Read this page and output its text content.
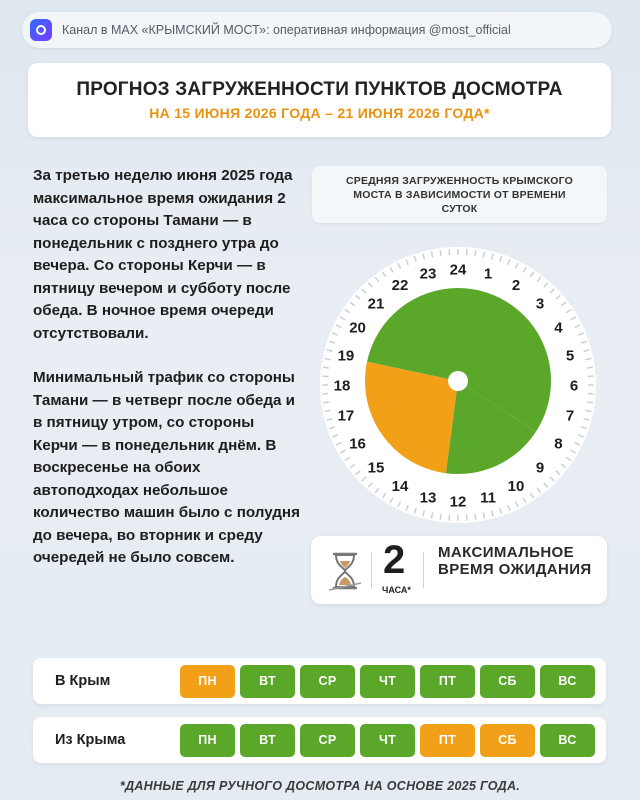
Канал в MAX «КРЫМСКИЙ МОСТ»: оперативная информация @most_official
ПРОГНОЗ ЗАГРУЖЕННОСТИ ПУНКТОВ ДОСМОТРА
НА 15 ИЮНЯ 2026 ГОДА – 21 ИЮНЯ 2026 ГОДА*

За третью неделю июня 2025 года максимальное время ожидания 2 часа со стороны Тамани — в понедельник с позднего утра до вечера. Со стороны Керчи — в пятницу вечером и субботу после обеда. В ночное время очереди отсутствовали.

Минимальный трафик со стороны Тамани — в четверг после обеда и в пятницу утром, со стороны Керчи — в понедельник днём. В воскресенье на обоих автоподходах небольшое количество машин было с полудня до вечера, во вторник и среду очередей не было совсем.

СРЕДНЯЯ ЗАГРУЖЕННОСТЬ КРЫМСКОГО МОСТА В ЗАВИСИМОСТИ ОТ ВРЕМЕНИ СУТОК
24 1
2
3
4
5
6
7
8
9
10
11
12
13
14
15
16
17
18
19
20
21
22
23
2
ЧАСА*
МАКСИМАЛЬНОЕ ВРЕМЯ ОЖИДАНИЯ
В Крым	ПН	ВТ	СР	ЧТ	ПТ	СБ	ВС
Из Крыма	ПН	ВТ	СР	ЧТ	ПТ	СБ	ВС
*ДАННЫЕ ДЛЯ РУЧНОГО ДОСМОТРА НА ОСНОВЕ 2025 ГОДА.
